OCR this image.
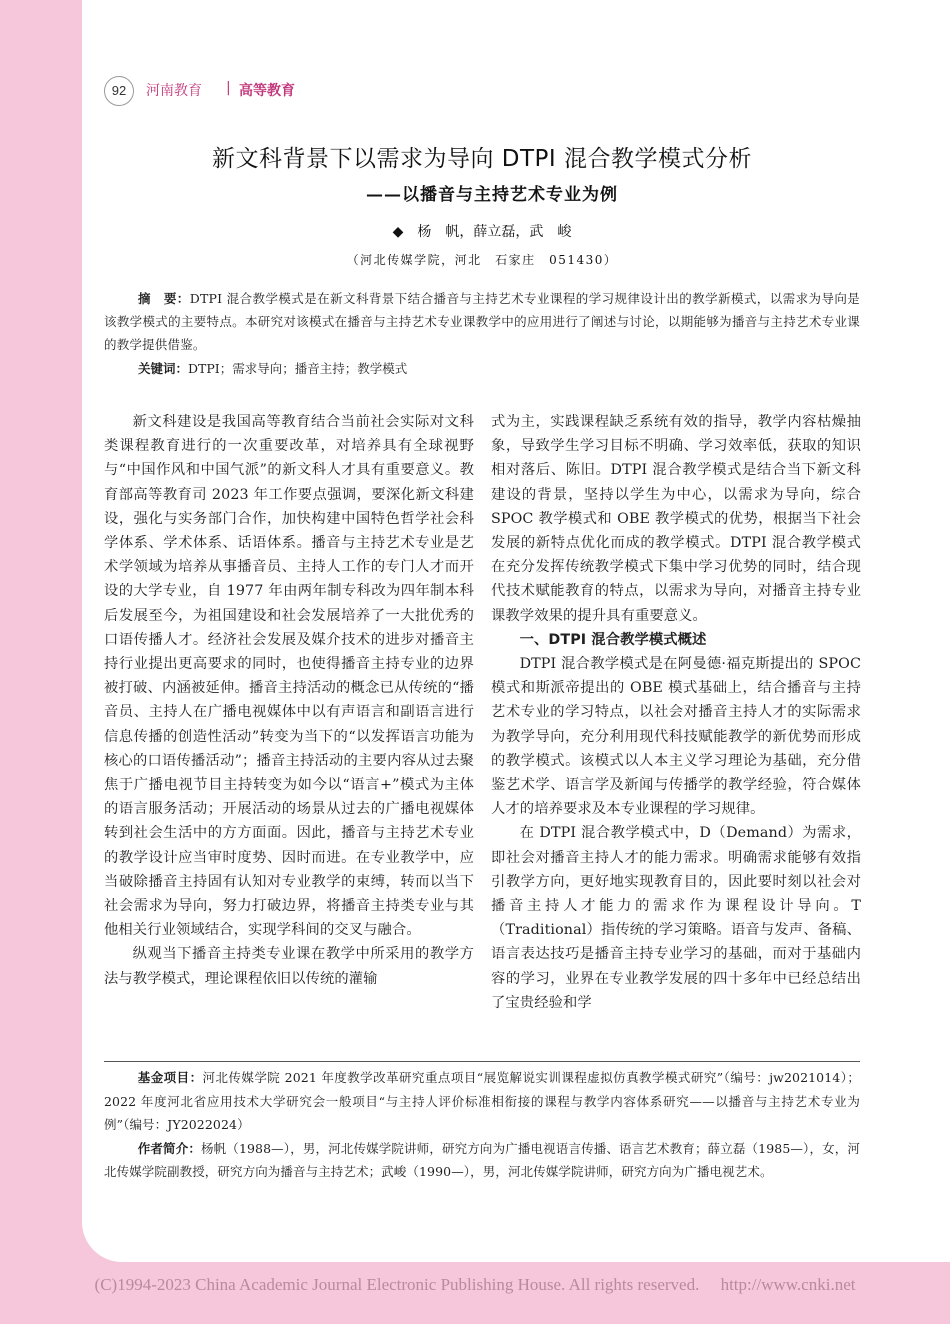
92	河南教育 | 高等教育
新文科背景下以需求为导向 DTPI 混合教学模式分析
——以播音与主持艺术专业为例
◆ 杨　帆，薛立磊，武　峻
（河北传媒学院，河北　石家庄　051430）
摘　要：DTPI 混合教学模式是在新文科背景下结合播音与主持艺术专业课程的学习规律设计出的教学新模式，以需求为导向是该教学模式的主要特点。本研究对该模式在播音与主持艺术专业课教学中的应用进行了阐述与讨论，以期能够为播音与主持艺术专业课的教学提供借鉴。
关键词：DTPI；需求导向；播音主持；教学模式

新文科建设是我国高等教育结合当前社会实际对文科类课程教育进行的一次重要改革，对培养具有全球视野与“中国作风和中国气派”的新文科人才具有重要意义。教育部高等教育司 2023 年工作要点强调，要深化新文科建设，强化与实务部门合作，加快构建中国特色哲学社会科学体系、学术体系、话语体系。播音与主持艺术专业是艺术学领域为培养从事播音员、主持人工作的专门人才而开设的大学专业，自 1977 年由两年制专科改为四年制本科后发展至今，为祖国建设和社会发展培养了一大批优秀的口语传播人才。经济社会发展及媒介技术的进步对播音主持行业提出更高要求的同时，也使得播音主持专业的边界被打破、内涵被延伸。播音主持活动的概念已从传统的“播音员、主持人在广播电视媒体中以有声语言和副语言进行信息传播的创造性活动”转变为当下的“以发挥语言功能为核心的口语传播活动”；播音主持活动的主要内容从过去聚焦于广播电视节目主持转变为如今以“语言+”模式为主体的语言服务活动；开展活动的场景从过去的广播电视媒体转到社会生活中的方方面面。因此，播音与主持艺术专业的教学设计应当审时度势、因时而进。在专业教学中，应当破除播音主持固有认知对专业教学的束缚，转而以当下社会需求为导向，努力打破边界，将播音主持类专业与其他相关行业领域结合，实现学科间的交叉与融合。

纵观当下播音主持类专业课在教学中所采用的教学方法与教学模式，理论课程依旧以传统的灌输

式为主，实践课程缺乏系统有效的指导，教学内容枯燥抽象，导致学生学习目标不明确、学习效率低，获取的知识相对落后、陈旧。DTPI 混合教学模式是结合当下新文科建设的背景，坚持以学生为中心，以需求为导向，综合 SPOC 教学模式和 OBE 教学模式的优势，根据当下社会发展的新特点优化而成的教学模式。DTPI 混合教学模式在充分发挥传统教学模式下集中学习优势的同时，结合现代技术赋能教育的特点，以需求为导向，对播音主持专业课教学效果的提升具有重要意义。

一、DTPI 混合教学模式概述

DTPI 混合教学模式是在阿曼德·福克斯提出的 SPOC 模式和斯派帝提出的 OBE 模式基础上，结合播音与主持艺术专业的学习特点，以社会对播音主持人才的实际需求为教学导向，充分利用现代科技赋能教学的新优势而形成的教学模式。该模式以人本主义学习理论为基础，充分借鉴艺术学、语言学及新闻与传播学的教学经验，符合媒体人才的培养要求及本专业课程的学习规律。

在 DTPI 混合教学模式中，D（Demand）为需求，即社会对播音主持人才的能力需求。明确需求能够有效指引教学方向，更好地实现教育目的，因此要时刻以社会对播音主持人才能力的需求作为课程设计导向。T（Traditional）指传统的学习策略。语音与发声、备稿、语言表达技巧是播音主持专业学习的基础，而对于基础内容的学习，业界在专业教学发展的四十多年中已经总结出了宝贵经验和学

基金项目：河北传媒学院 2021 年度教学改革研究重点项目“展览解说实训课程虚拟仿真教学模式研究”（编号：jw2021014）；2022 年度河北省应用技术大学研究会一般项目“与主持人评价标准相衔接的课程与教学内容体系研究——以播音与主持艺术专业为例”（编号：JY2022024）

作者简介：杨帆（1988—），男，河北传媒学院讲师，研究方向为广播电视语言传播、语言艺术教育；薛立磊（1985—），女，河北传媒学院副教授，研究方向为播音与主持艺术；武峻（1990—），男，河北传媒学院讲师，研究方向为广播电视艺术。

(C)1994-2023 China Academic Journal Electronic Publishing House. All rights reserved.　 http://www.cnki.net
